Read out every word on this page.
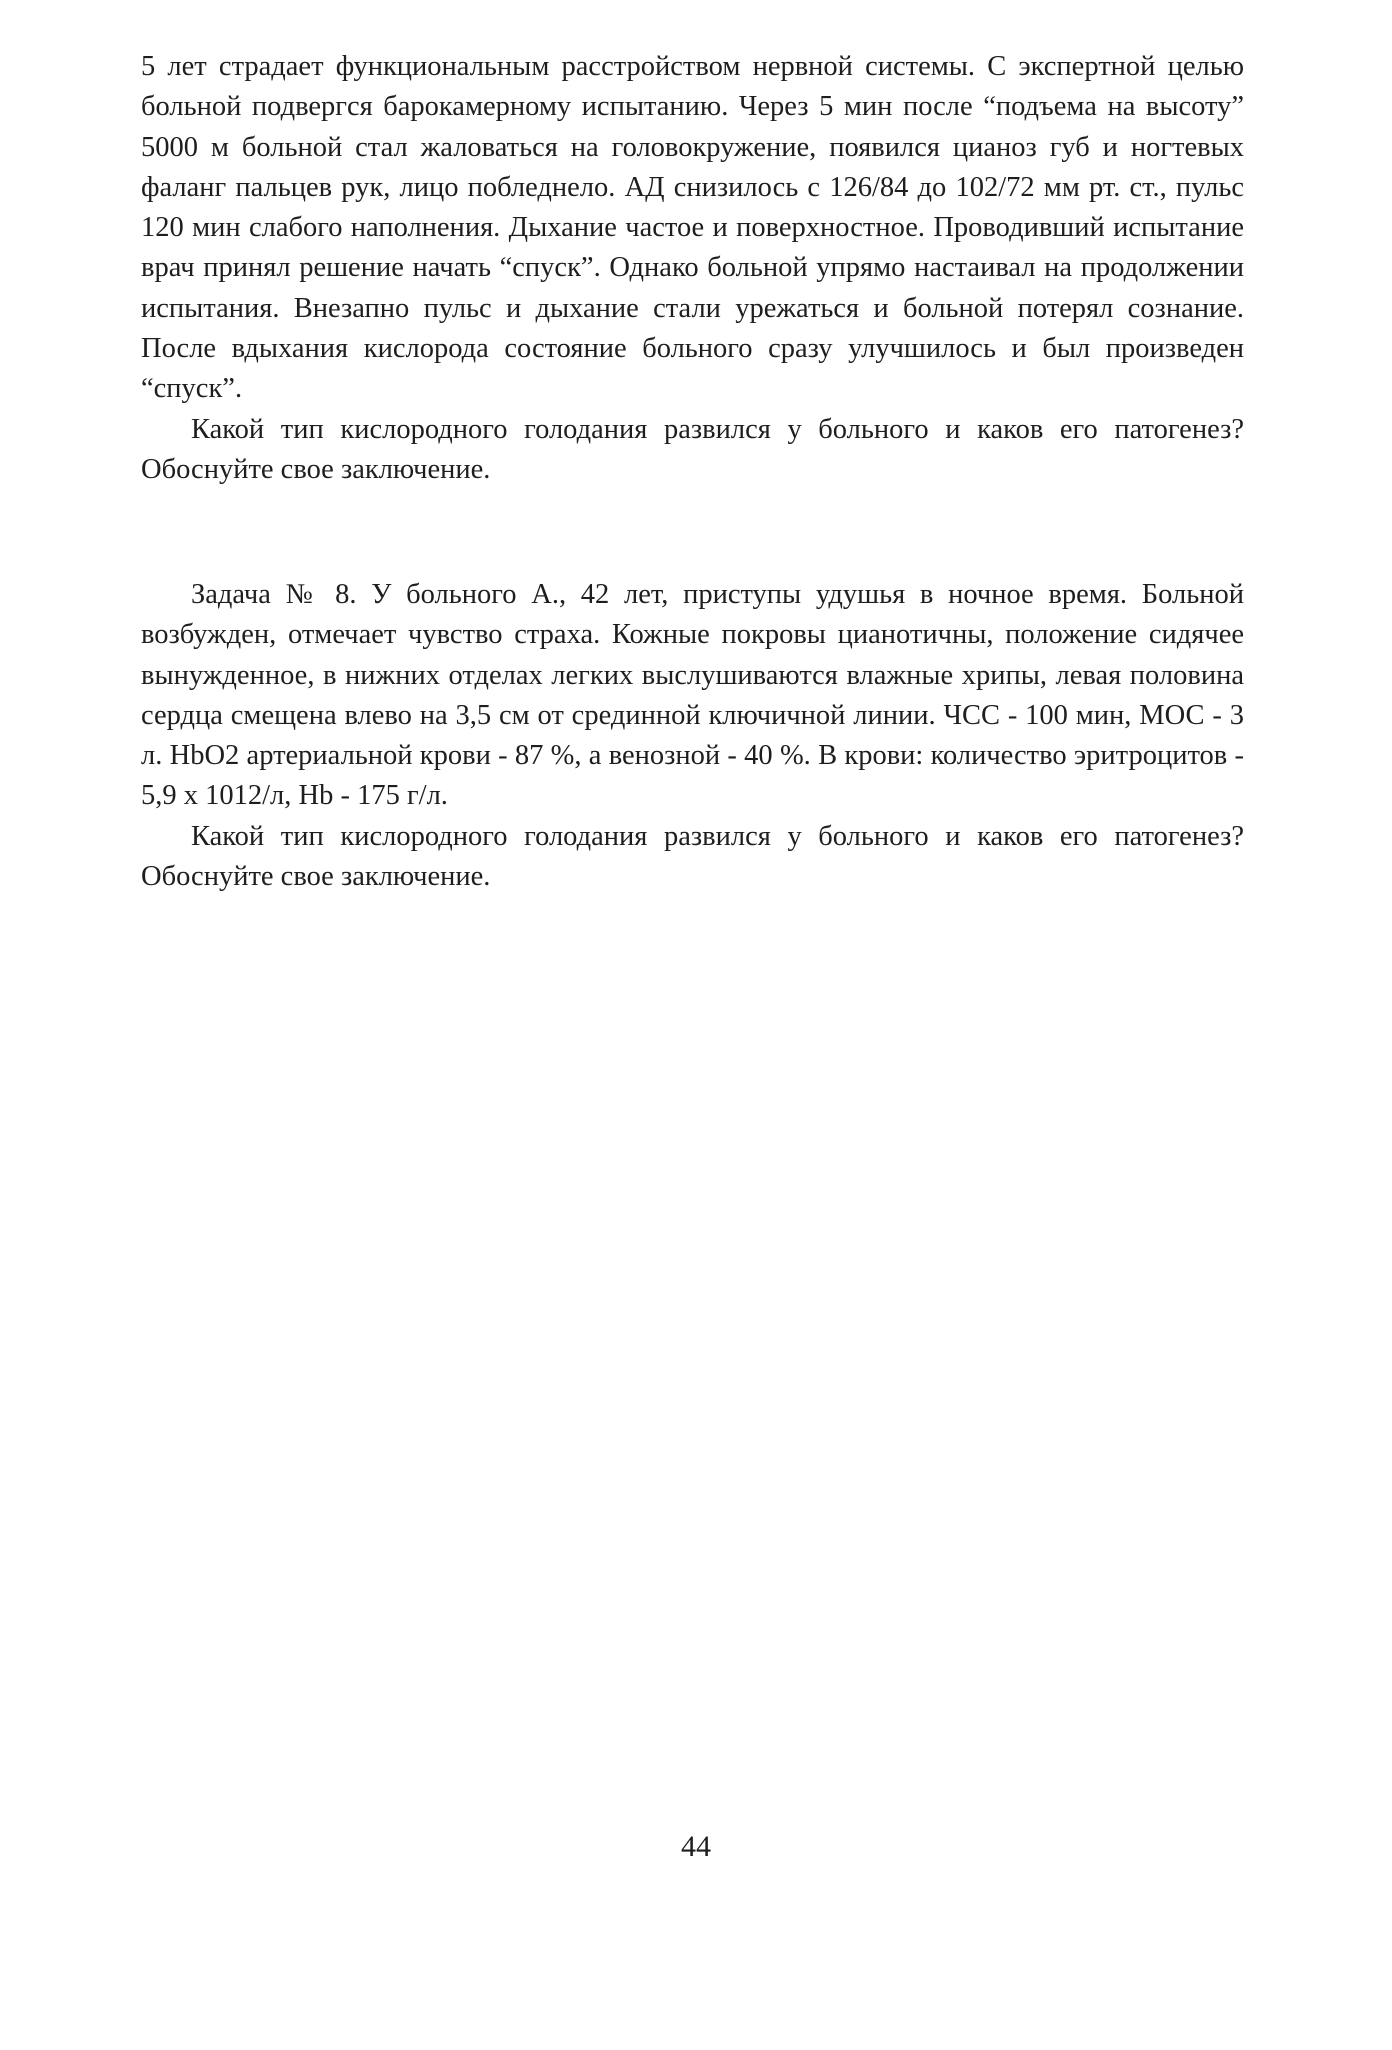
5 лет страдает функциональным расстройством нервной системы. С экспертной целью больной подвергся барокамерному испытанию. Через 5 мин после “подъема на высоту” 5000 м больной стал жаловаться на головокружение, появился цианоз губ и ногтевых фаланг пальцев рук, лицо побледнело. АД снизилось с 126/84 до 102/72 мм рт. ст., пульс 120 мин слабого наполнения. Дыхание частое и поверхностное. Проводивший испытание врач принял решение начать “спуск”. Однако больной упрямо настаивал на продолжении испытания. Внезапно пульс и дыхание стали урежаться и больной потерял сознание. После вдыхания кислорода состояние больного сразу улучшилось и был произведен “спуск”.

Какой тип кислородного голодания развился у больного и каков его патогенез? Обоснуйте свое заключение.

Задача № 8. У больного А., 42 лет, приступы удушья в ночное время. Больной возбужден, отмечает чувство страха. Кожные покровы цианотичны, положение сидячее вынужденное, в нижних отделах легких выслушиваются влажные хрипы, левая половина сердца смещена влево на 3,5 см от срединной ключичной линии. ЧСС - 100 мин, МОС - 3 л. НbO2 артериальной крови - 87 %, а венозной - 40 %. В крови: количество эритроцитов - 5,9 х 1012/л, Hb - 175 г/л.

Какой тип кислородного голодания развился у больного и каков его патогенез? Обоснуйте свое заключение.

44
